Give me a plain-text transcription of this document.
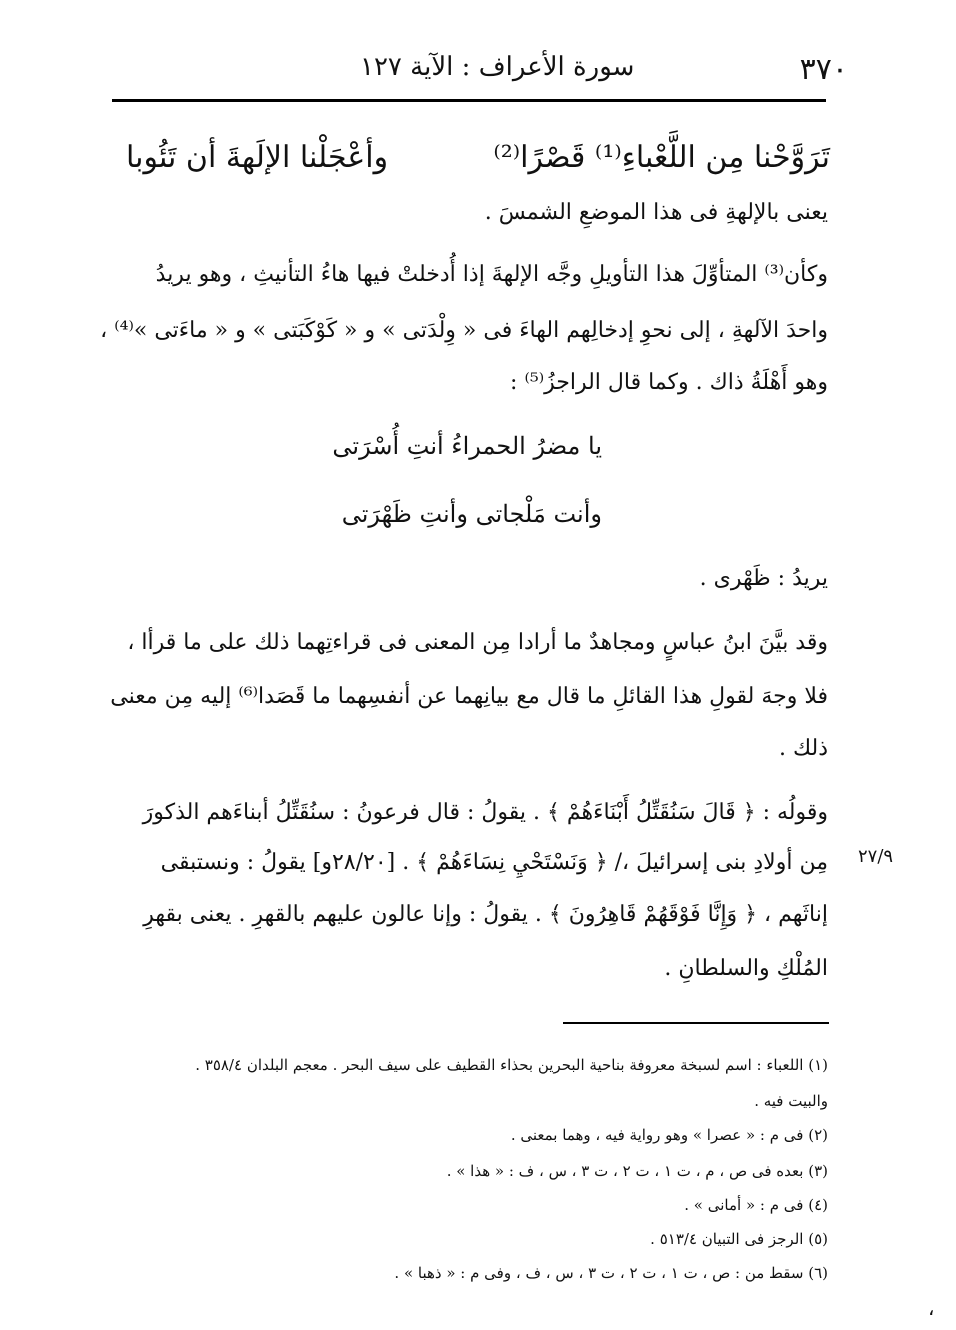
٣٧٠
سورة الأعراف : الآية ١٢٧
تَرَوَّحْنا مِن اللَّعْباءِ⁽¹⁾ قَصْرًا⁽²⁾
وأعْجَلْنا الإلَهةَ أن تَئُوبا
يعنى بالإلهةِ فى هذا الموضعِ الشمسَ .
وكأن⁽³⁾ المتأوِّلَ هذا التأويلِ وجَّه الإلهةَ إذا أُدخلتْ فيها هاءُ التأنيثِ ، وهو يريدُ
واحدَ الآلهةِ ، إلى نحوِ إدخالِهم الهاءَ فى « وِلْدَتى » و « كَوْكَبَتى » و « ماءَتى »⁽⁴⁾ ،
وهو أَهْلَةُ ذاك . وكما قال الراجزُ⁽⁵⁾ :
يا مضرُ الحمراءُ أنتِ أُسْرَتى
وأنت مَلْجاتى وأنتِ ظَهْرَتى
يريدُ : ظَهْرى .
وقد بيَّنَ ابنُ عباسٍ ومجاهدٌ ما أرادا مِن المعنى فى قراءتِهما ذلك على ما قرأا ،
فلا وجهَ لقولِ هذا القائلِ ما قال مع بيانِهما عن أنفسِهما ما قَصَدا⁽⁶⁾ إليه مِن معنى
ذلك .
وقولُه : ﴿ قَالَ سَنُقَتِّلُ أَبْنَاءَهُمْ ﴾ . يقولُ : قال فرعونُ : سنُقَتِّلُ أبناءَهم الذكورَ
مِن أولادِ بنى إسرائيلَ ،/ ﴿ وَنَسْتَحْيِ نِسَاءَهُمْ ﴾ . [٢٨/٢٠و] يقولُ : ونستبقى
إناثَهم ، ﴿ وَإِنَّا فَوْقَهُمْ قَاهِرُونَ ﴾ . يقولُ : وإنا عالون عليهم بالقهرِ . يعنى بقهرِ
المُلْكِ والسلطانِ .
٢٧/٩
(١) اللعباء : اسم لسبخة معروفة بناحية البحرين بحذاء القطيف على سيف البحر . معجم البلدان ٣٥٨/٤ .
والبيت فيه .
(٢) فى م : « عصرا » وهو رواية فيه ، وهما بمعنى .
(٣) بعده فى ص ، م ، ت ١ ، ت ٢ ، ت ٣ ، س ، ف : « هذا » .
(٤) فى م : « أمانى » .
(٥) الرجز فى التبيان ٥١٣/٤ .
(٦) سقط من : ص ، ت ١ ، ت ٢ ، ت ٣ ، س ، ف ، وفى م : « ذهبا » .
،
